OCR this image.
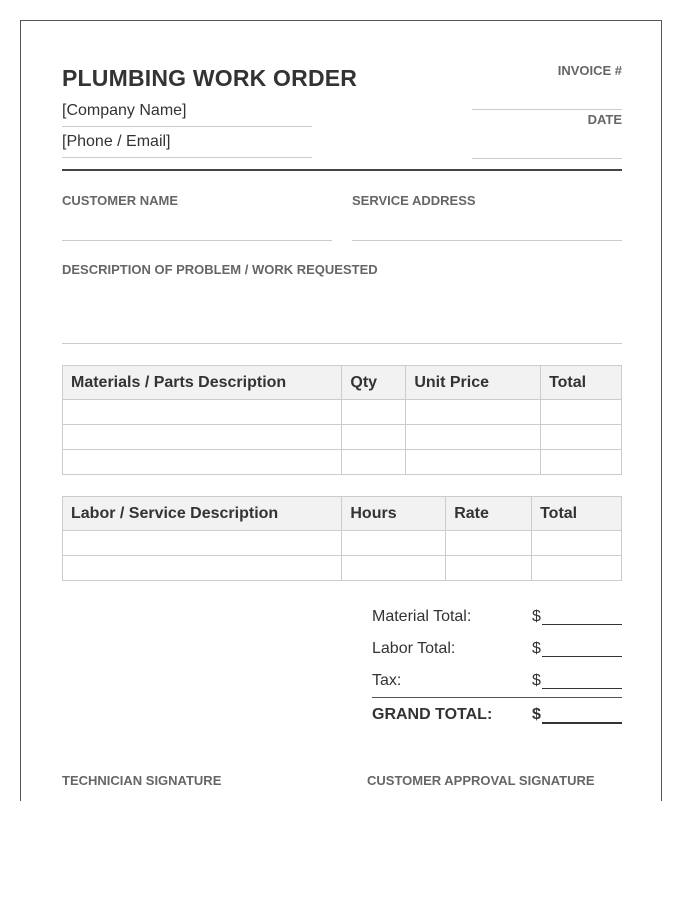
PLUMBING WORK ORDER
[Company Name]
[Phone / Email]
INVOICE #
DATE
CUSTOMER NAME	SERVICE ADDRESS
DESCRIPTION OF PROBLEM / WORK REQUESTED
Materials / Parts Description	Qty	Unit Price	Total

Labor / Service Description	Hours	Rate	Total

Material Total:	$
Labor Total:	$
Tax:	$
GRAND TOTAL: $
TECHNICIAN SIGNATURE	CUSTOMER APPROVAL SIGNATURE
